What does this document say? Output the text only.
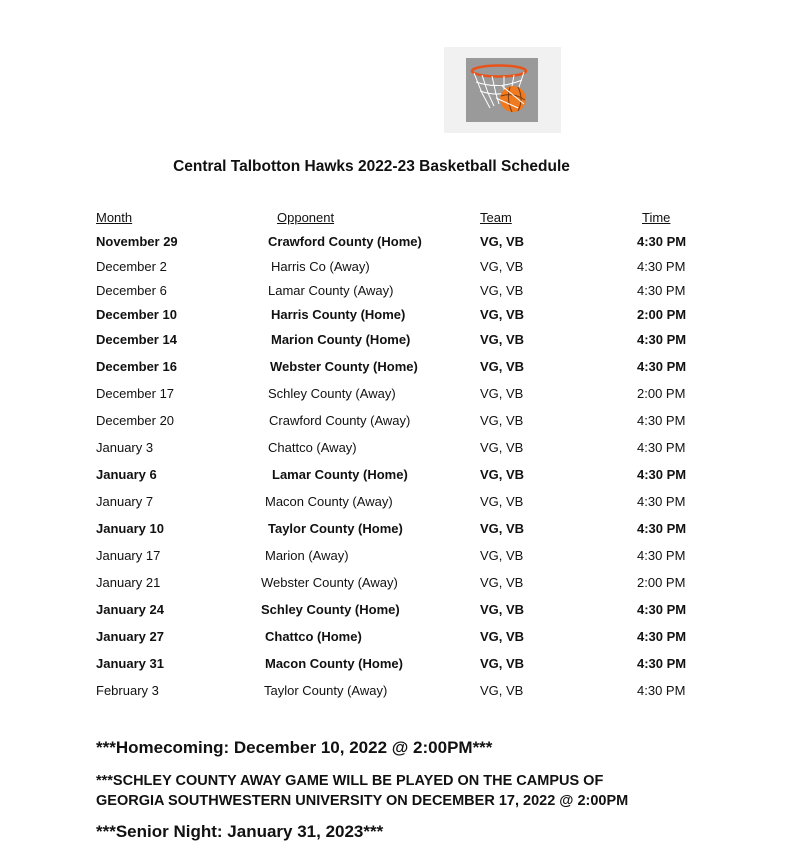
Central Talbotton Hawks 2022-23 Basketball Schedule
Month	Opponent	Team	Time
November 29	Crawford County (Home)	VG, VB	4:30 PM
December 2	Harris Co (Away)	VG, VB	4:30 PM
December 6	Lamar County (Away)	VG, VB	4:30 PM
December 10	Harris County (Home)	VG, VB	2:00 PM
December 14	Marion County (Home)	VG, VB	4:30 PM
December 16	Webster County (Home)	VG, VB	4:30 PM
December 17	Schley County (Away)	VG, VB	2:00 PM
December 20	Crawford County (Away)	VG, VB	4:30 PM
January 3	Chattco (Away)	VG, VB	4:30 PM
January 6	Lamar County (Home)	VG, VB	4:30 PM
January 7	Macon County (Away)	VG, VB	4:30 PM
January 10	Taylor County (Home)	VG, VB	4:30 PM
January 17	Marion (Away)	VG, VB	4:30 PM
January 21	Webster County (Away)	VG, VB	2:00 PM
January 24	Schley County (Home)	VG, VB	4:30 PM
January 27	Chattco (Home)	VG, VB	4:30 PM
January 31	Macon County (Home)	VG, VB	4:30 PM
February 3	Taylor County (Away)	VG, VB	4:30 PM
***Homecoming: December 10, 2022 @ 2:00PM***
***SCHLEY COUNTY AWAY GAME WILL BE PLAYED ON THE CAMPUS OF
GEORGIA SOUTHWESTERN UNIVERSITY ON DECEMBER 17, 2022 @ 2:00PM
***Senior Night: January 31, 2023***
